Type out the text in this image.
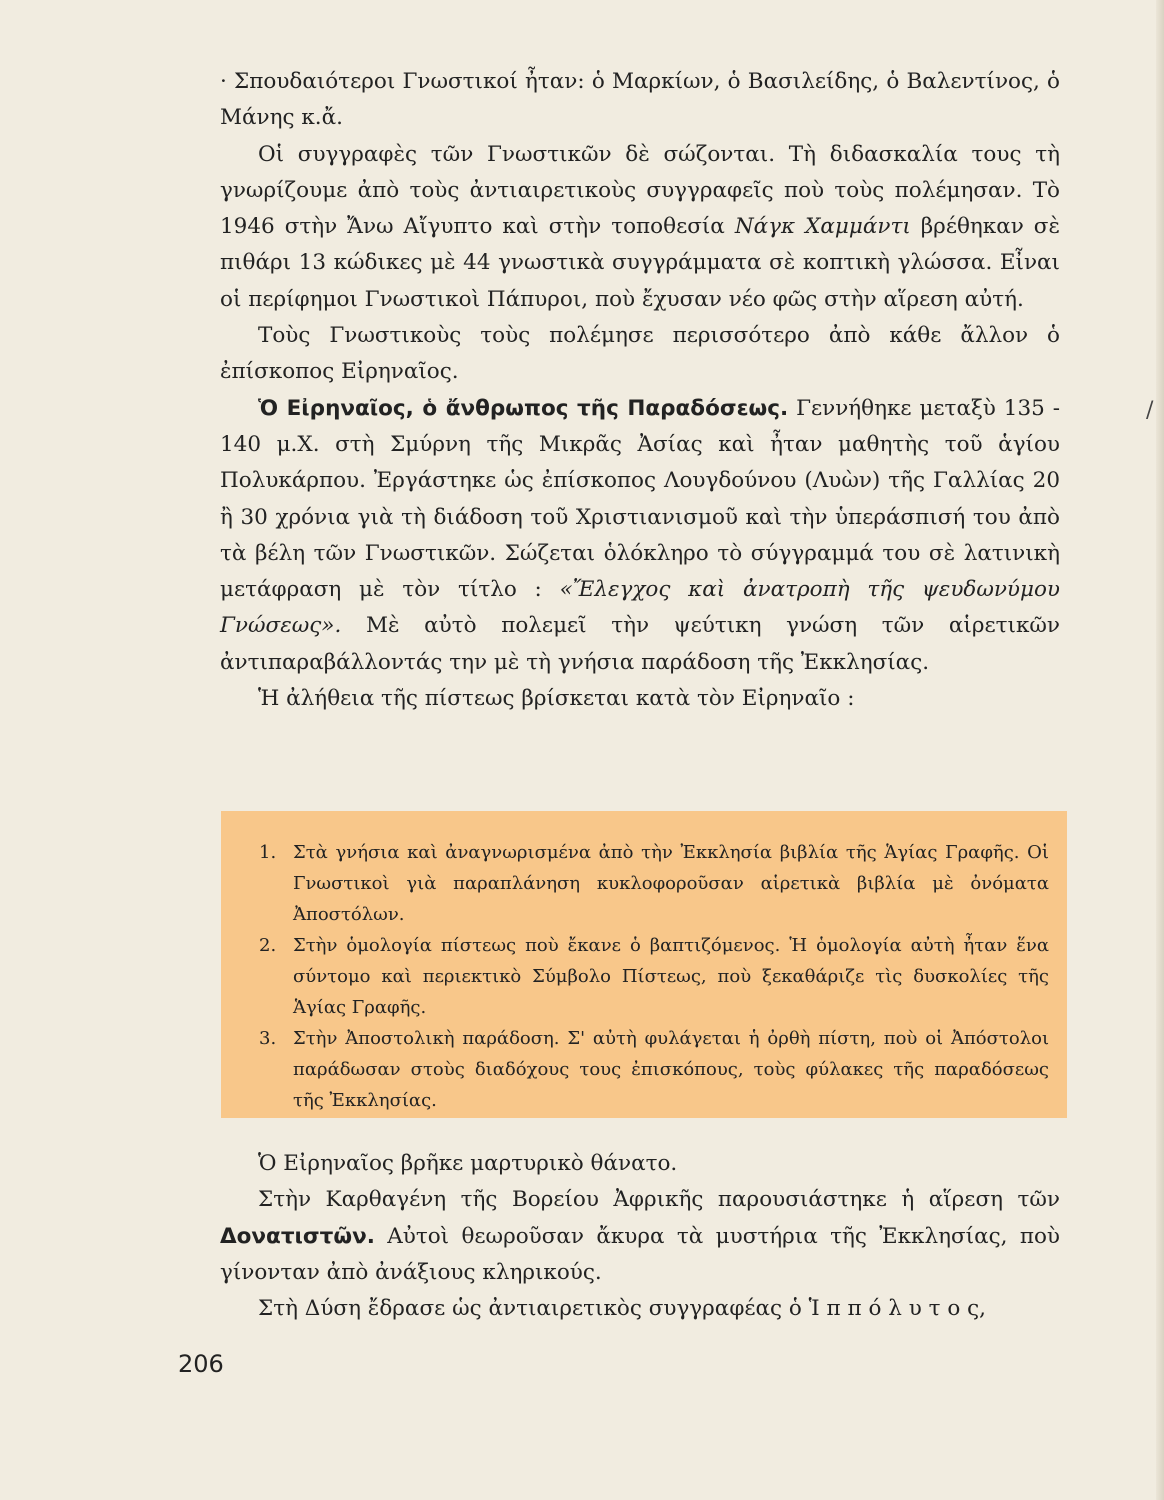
· Σπουδαιότεροι Γνωστικοί ἦταν: ὁ Μαρκίων, ὁ Βασιλείδης, ὁ Βαλεντίνος, ὁ Μάνης κ.ἄ.

Οἱ συγγραφὲς τῶν Γνωστικῶν δὲ σώζονται. Τὴ διδασκαλία τους τὴ γνωρίζουμε ἀπὸ τοὺς ἀντιαιρετικοὺς συγγραφεῖς ποὺ τοὺς πολέμησαν. Τὸ 1946 στὴν Ἄνω Αἴγυπτο καὶ στὴν τοποθεσία Νάγκ Χαμμάντι βρέθηκαν σὲ πιθάρι 13 κώδικες μὲ 44 γνωστικὰ συγγράμματα σὲ κοπτικὴ γλώσσα. Εἶναι οἱ περίφημοι Γνωστικοὶ Πάπυροι, ποὺ ἔχυσαν νέο φῶς στὴν αἵρεση αὐτή.

Τοὺς Γνωστικοὺς τοὺς πολέμησε περισσότερο ἀπὸ κάθε ἄλλον ὁ ἐπίσκοπος Εἰρηναῖος.

Ὁ Εἰρηναῖος, ὁ ἄνθρωπος τῆς Παραδόσεως. Γεννήθηκε μεταξὺ 135 - 140 μ.Χ. στὴ Σμύρνη τῆς Μικρᾶς Ἀσίας καὶ ἦταν μαθητὴς τοῦ ἁγίου Πολυκάρπου. Ἐργάστηκε ὡς ἐπίσκοπος Λουγδούνου (Λυὼν) τῆς Γαλλίας 20 ἢ 30 χρόνια γιὰ τὴ διάδοση τοῦ Χριστιανισμοῦ καὶ τὴν ὑπεράσπισή του ἀπὸ τὰ βέλη τῶν Γνωστικῶν. Σώζεται ὁλόκληρο τὸ σύγγραμμά του σὲ λατινικὴ μετάφραση μὲ τὸν τίτλο : «Ἔλεγχος καὶ ἀνατροπὴ τῆς ψευδωνύμου Γνώσεως». Μὲ αὐτὸ πολεμεῖ τὴν ψεύτικη γνώση τῶν αἱρετικῶν ἀντιπαραβάλλοντάς την μὲ τὴ γνήσια παράδοση τῆς Ἐκκλησίας.

Ἡ ἀλήθεια τῆς πίστεως βρίσκεται κατὰ τὸν Εἰρηναῖο :

1. Στὰ γνήσια καὶ ἀναγνωρισμένα ἀπὸ τὴν Ἐκκλησία βιβλία τῆς Ἁγίας Γραφῆς. Οἱ Γνωστικοὶ γιὰ παραπλάνηση κυκλοφοροῦσαν αἱρετικὰ βιβλία μὲ ὀνόματα Ἀποστόλων.
2. Στὴν ὁμολογία πίστεως ποὺ ἔκανε ὁ βαπτιζόμενος. Ἡ ὁμολογία αὐτὴ ἦταν ἕνα σύντομο καὶ περιεκτικὸ Σύμβολο Πίστεως, ποὺ ξεκαθάριζε τὶς δυσκολίες τῆς Ἁγίας Γραφῆς.
3. Στὴν Ἀποστολικὴ παράδοση. Σ' αὐτὴ φυλάγεται ἡ ὀρθὴ πίστη, ποὺ οἱ Ἀπόστολοι παράδωσαν στοὺς διαδόχους τους ἐπισκόπους, τοὺς φύλακες τῆς παραδόσεως τῆς Ἐκκλησίας.

Ὁ Εἰρηναῖος βρῆκε μαρτυρικὸ θάνατο.

Στὴν Καρθαγένη τῆς Βορείου Ἀφρικῆς παρουσιάστηκε ἡ αἵρεση τῶν Δονατιστῶν. Αὐτοὶ θεωροῦσαν ἄκυρα τὰ μυστήρια τῆς Ἐκκλησίας, ποὺ γίνονταν ἀπὸ ἀνάξιους κληρικούς.

Στὴ Δύση ἔδρασε ὡς ἀντιαιρετικὸς συγγραφέας ὁ Ἱ π π ό λ υ τ ο ς,

/
206
